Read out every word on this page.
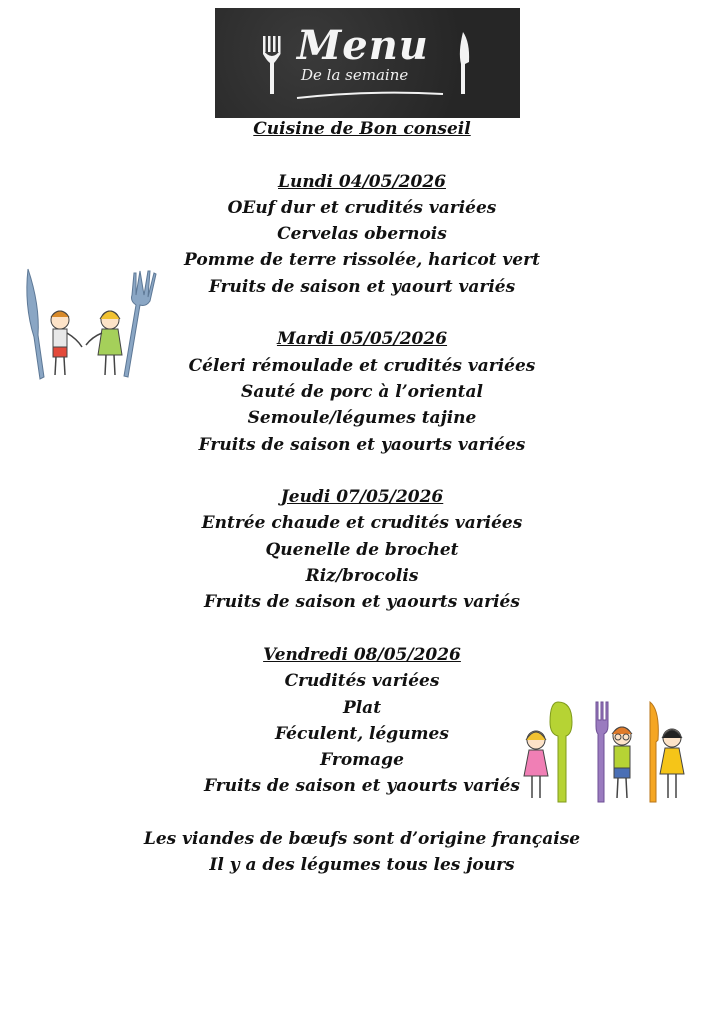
Menu
De la semaine
Cuisine de Bon conseil
Lundi 04/05/2026
OEuf dur et crudités variées
Cervelas obernois
Pomme de terre rissolée, haricot vert
Fruits de saison et yaourt variés
Mardi 05/05/2026
Céleri rémoulade et crudités variées
Sauté de porc à l’oriental
Semoule/légumes tajine
Fruits de saison et yaourts variées
Jeudi 07/05/2026
Entrée chaude et crudités variées
Quenelle de brochet
Riz/brocolis
Fruits de saison et yaourts variés
Vendredi 08/05/2026
Crudités variées
Plat
Féculent, légumes
Fromage
Fruits de saison et yaourts variés
Les viandes de bœufs sont d’origine française
Il y a des légumes tous les jours
